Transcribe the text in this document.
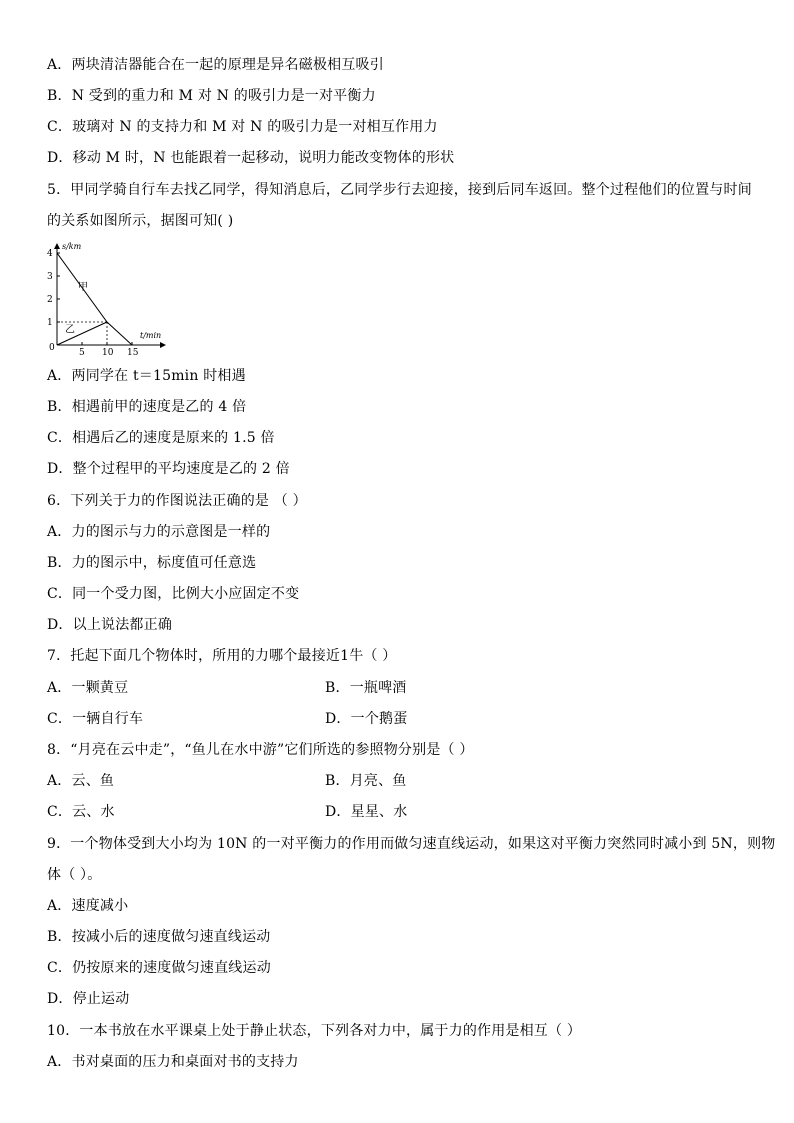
A．两块清洁器能合在一起的原理是异名磁极相互吸引
B．N 受到的重力和 M 对 N 的吸引力是一对平衡力
C．玻璃对 N 的支持力和 M 对 N 的吸引力是一对相互作用力
D．移动 M 时，N 也能跟着一起移动，说明力能改变物体的形状
5．甲同学骑自行车去找乙同学，得知消息后，乙同学步行去迎接，接到后同车返回。整个过程他们的位置与时间
的关系如图所示，据图可知( )
1
2
3
4
5 10 15
甲
乙
s/km
t/min
0
A．两同学在 t＝15min 时相遇
B．相遇前甲的速度是乙的 4 倍
C．相遇后乙的速度是原来的 1.5 倍
D．整个过程甲的平均速度是乙的 2 倍
6．下列关于力的作图说法正确的是 （ ）
A．力的图示与力的示意图是一样的
B．力的图示中，标度值可任意选
C．同一个受力图，比例大小应固定不变
D．以上说法都正确
7．托起下面几个物体时，所用的力哪个最接近1牛（ ）
A．一颗黄豆	B．一瓶啤酒
C．一辆自行车	D．一个鹅蛋
8．“月亮在云中走”，“鱼儿在水中游”它们所选的参照物分别是（ ）
A．云、鱼	B．月亮、鱼
C．云、水	D．星星、水
9．一个物体受到大小均为 10N 的一对平衡力的作用而做匀速直线运动，如果这对平衡力突然同时减小到 5N，则物
体（ ）。
A．速度减小
B．按减小后的速度做匀速直线运动
C．仍按原来的速度做匀速直线运动
D．停止运动
10．一本书放在水平课桌上处于静止状态，下列各对力中，属于力的作用是相互（ ）
A．书对桌面的压力和桌面对书的支持力
